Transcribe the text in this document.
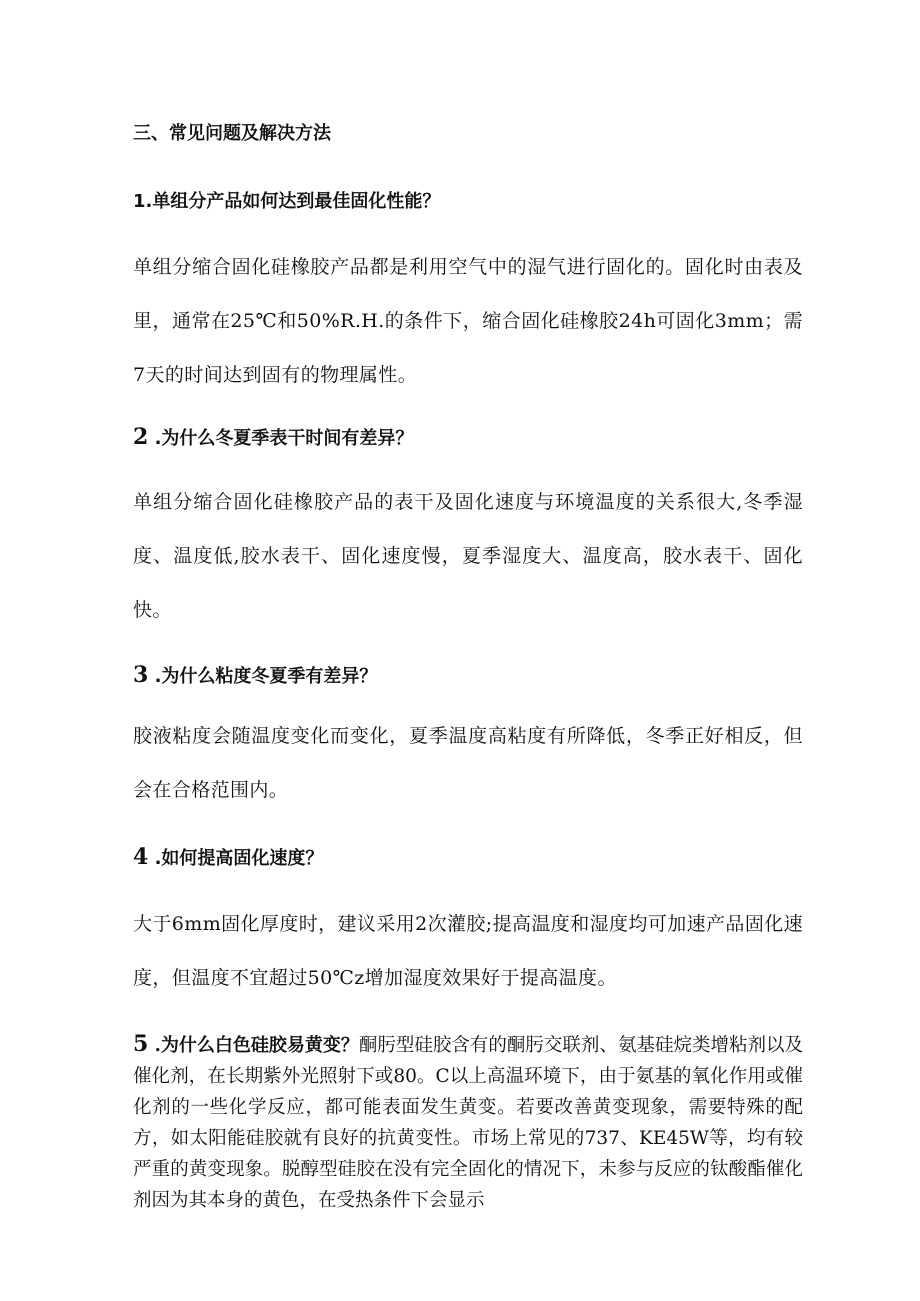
三、常见问题及解决方法
1.单组分产品如何达到最佳固化性能？

单组分缩合固化硅橡胶产品都是利用空气中的湿气进行固化的。固化时由表及里，通常在25℃和50%R.H.的条件下，缩合固化硅橡胶24h可固化3mm；需7天的时间达到固有的物理属性。

2 .为什么冬夏季表干时间有差异？

单组分缩合固化硅橡胶产品的表干及固化速度与环境温度的关系很大,冬季湿度、温度低,胶水表干、固化速度慢，夏季湿度大、温度高，胶水表干、固化快。

3 .为什么粘度冬夏季有差异？

胶液粘度会随温度变化而变化，夏季温度高粘度有所降低，冬季正好相反，但会在合格范围内。

4 .如何提高固化速度？

大于6mm固化厚度时，建议采用2次灌胶;提高温度和湿度均可加速产品固化速度，但温度不宜超过50℃z增加湿度效果好于提高温度。

5 .为什么白色硅胶易黄变？酮肟型硅胶含有的酮肟交联剂、氨基硅烷类增粘剂以及催化剂，在长期紫外光照射下或80。C以上高温环境下，由于氨基的氧化作用或催化剂的一些化学反应，都可能表面发生黄变。若要改善黄变现象，需要特殊的配方，如太阳能硅胶就有良好的抗黄变性。市场上常见的737、KE45W等，均有较严重的黄变现象。脱醇型硅胶在没有完全固化的情况下，未参与反应的钛酸酯催化剂因为其本身的黄色，在受热条件下会显示
